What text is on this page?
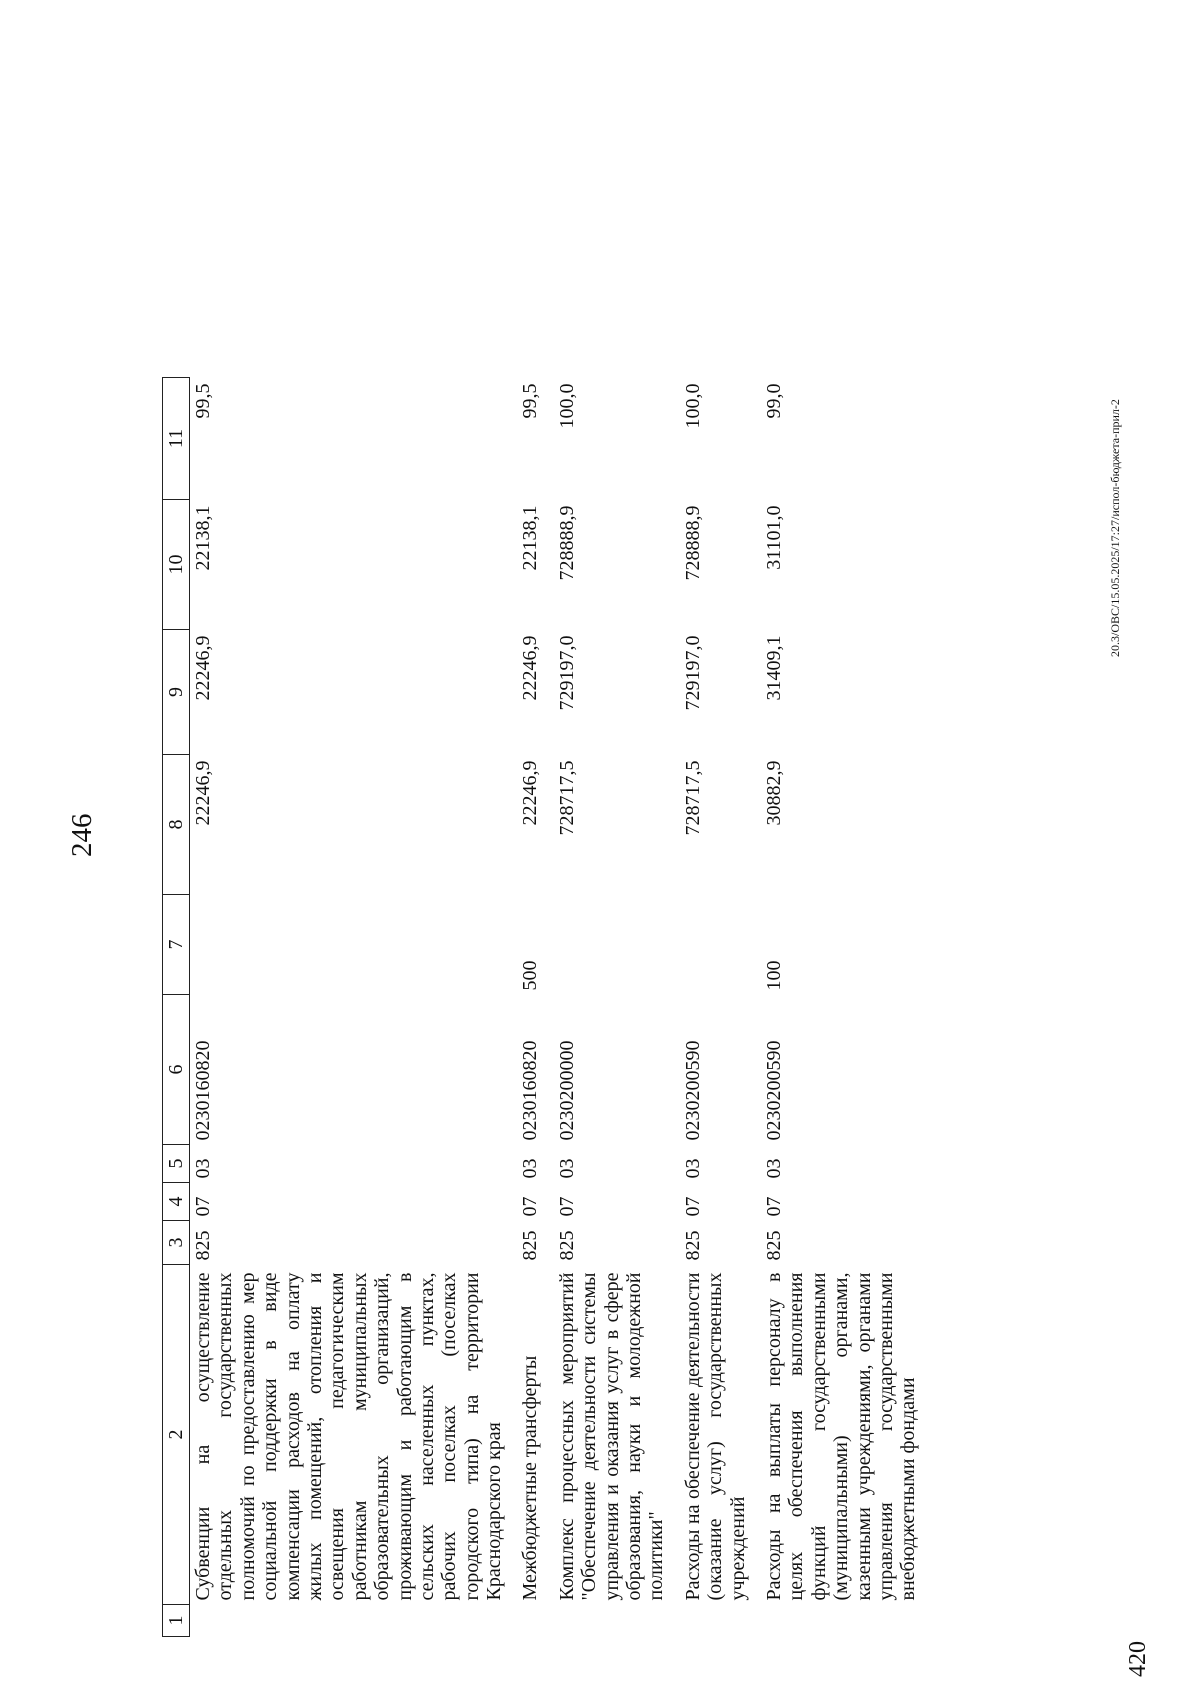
246
1	2	3	4	5	6	7	8	9	10	11
	Субвенции на осуществление отдельных государственных полномочий по предоставлению мер социальной поддержки в виде компенсации расходов на оплату жилых помещений, отопления и освещения педагогическим работникам муниципальных образовательных организаций, проживающим и работающим в сельских населенных пунктах, рабочих поселках (поселках городского типа) на территории Краснодарского края	825	07	03	0230160820		22246,9	22246,9	22138,1	99,5
	Межбюджетные трансферты	825	07	03	0230160820	500	22246,9	22246,9	22138,1	99,5
	Комплекс процессных мероприятий "Обеспечение деятельности системы управления и оказания услуг в сфере образования, науки и молодежной политики"	825	07	03	0230200000		728717,5	729197,0	728888,9	100,0
	Расходы на обеспечение деятельности (оказание услуг) государственных учреждений	825	07	03	0230200590		728717,5	729197,0	728888,9	100,0
	Расходы на выплаты персоналу в целях обеспечения выполнения функций государственными (муниципальными) органами, казенными учреждениями, органами управления государственными внебюджетными фондами	825	07	03	0230200590	100	30882,9	31409,1	31101,0	99,0	20.3/ОВС/15.05.2025/17:27/испол-бюджета-прил-2
420
